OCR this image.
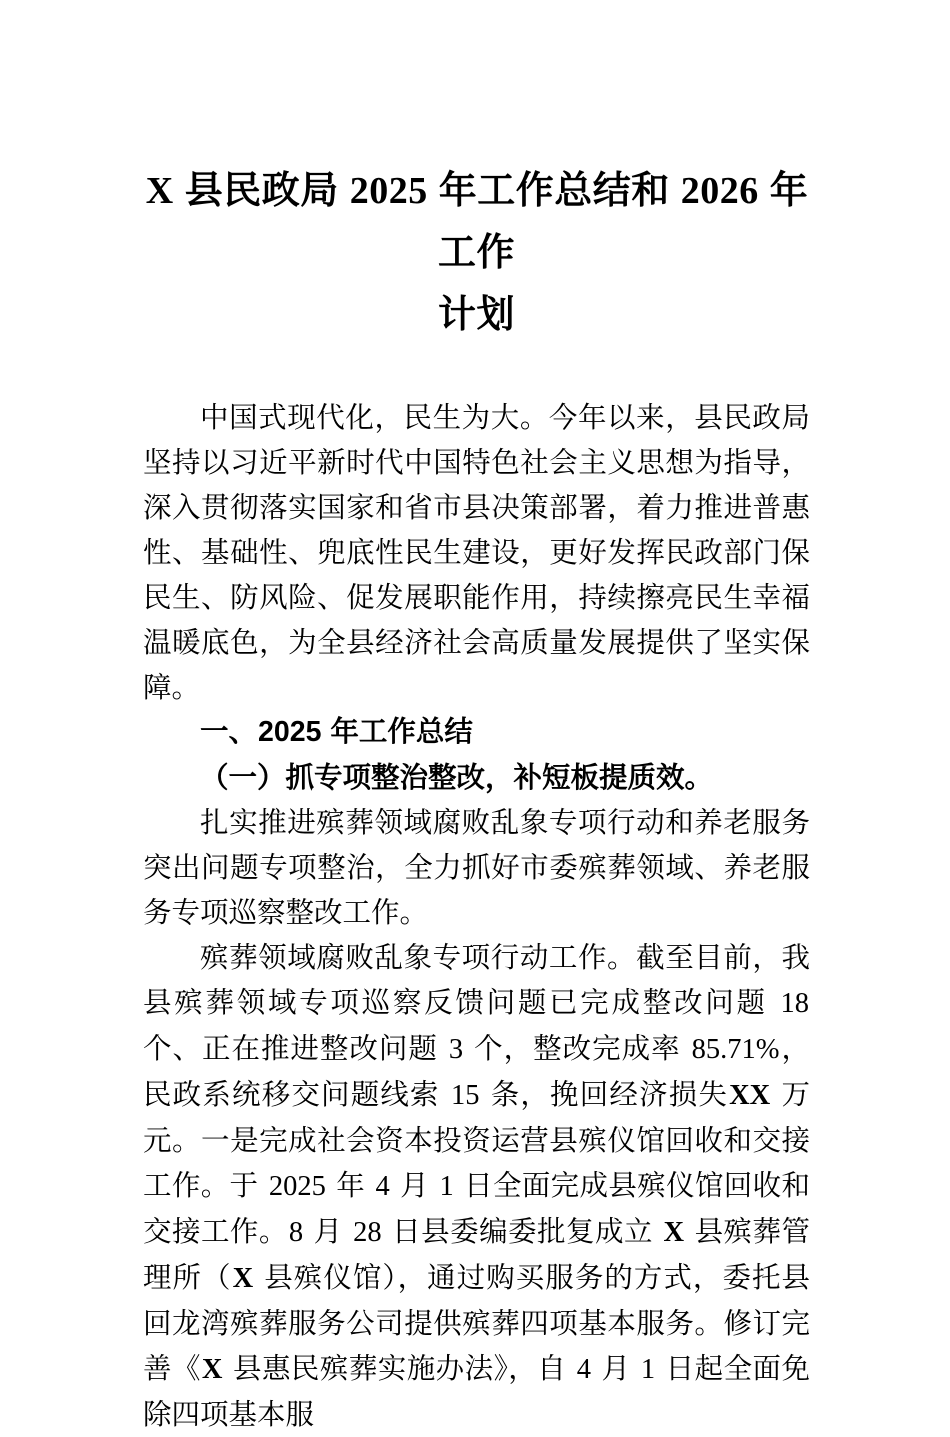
X 县民政局 2025 年工作总结和 2026 年工作
计划

中国式现代化，民生为大。今年以来，县民政局坚持以习近平新时代中国特色社会主义思想为指导，深入贯彻落实国家和省市县决策部署，着力推进普惠性、基础性、兜底性民生建设，更好发挥民政部门保民生、防风险、促发展职能作用，持续擦亮民生幸福温暖底色，为全县经济社会高质量发展提供了坚实保障。

一、2025 年工作总结
（一）抓专项整治整改，补短板提质效。

扎实推进殡葬领域腐败乱象专项行动和养老服务突出问题专项整治，全力抓好市委殡葬领域、养老服务专项巡察整改工作。

殡葬领域腐败乱象专项行动工作。截至目前，我县殡葬领域专项巡察反馈问题已完成整改问题 18 个、正在推进整改问题 3 个，整改完成率 85.71%，民政系统移交问题线索 15 条，挽回经济损失XX 万元。一是完成社会资本投资运营县殡仪馆回收和交接工作。于 2025 年 4 月 1 日全面完成县殡仪馆回收和交接工作。8 月 28 日县委编委批复成立 X 县殡葬管理所（X 县殡仪馆），通过购买服务的方式，委托县回龙湾殡葬服务公司提供殡葬四项基本服务。修订完善《X 县惠民殡葬实施办法》，自 4 月 1 日起全面免除四项基本服
